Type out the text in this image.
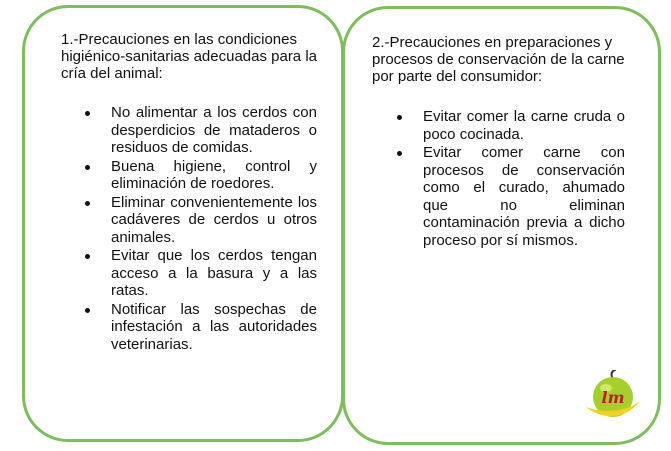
1.-Precauciones en las condiciones higiénico-sanitarias adecuadas para la cría del animal:

No alimentar a los cerdos con desperdicios de mataderos o residuos de comidas.
Buena higiene, control y eliminación de roedores.
Eliminar convenientemente los cadáveres de cerdos u otros animales.
Evitar que los cerdos tengan acceso a la basura y a las ratas.
Notificar las sospechas de infestación a las autoridades veterinarias.

2.-Precauciones en preparaciones y procesos de conservación de la carne por parte del consumidor:

Evitar comer la carne cruda o poco cocinada.
Evitar comer carne con procesos de conservación como el curado, ahumado que no eliminan contaminación previa a dicho proceso por sí mismos.
lm
